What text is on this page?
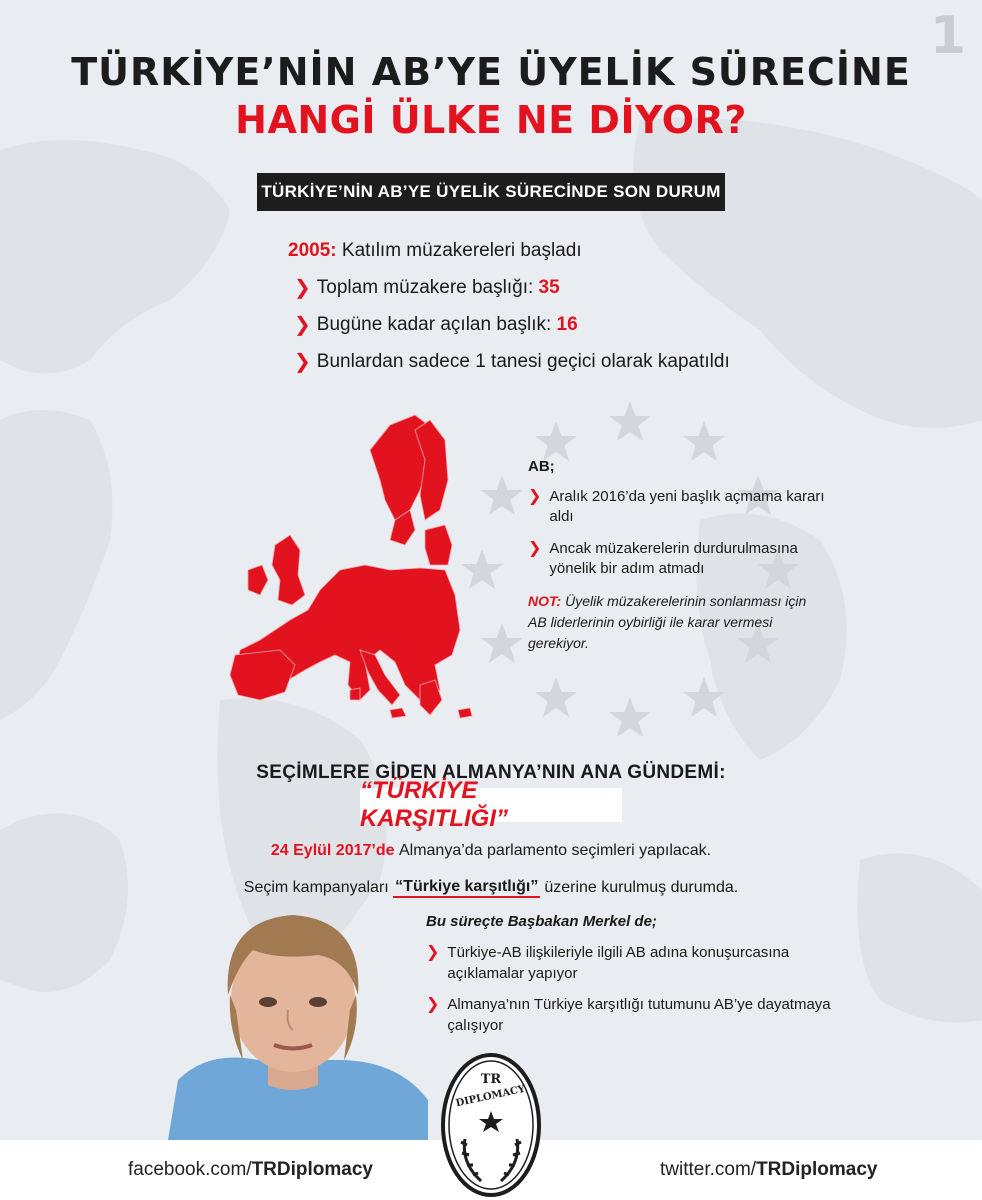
1
TÜRKİYE’NİN AB’YE ÜYELİK SÜRECİNE
HANGİ ÜLKE NE DİYOR?
TÜRKİYE’NİN AB’YE ÜYELİK SÜRECİNDE SON DURUM
2005:
Katılım müzakereleri başladı
❯ Toplam müzakere başlığı:
35
❯ Bugüne kadar açılan başlık:
16
❯ Bunlardan sadece 1 tanesi geçici olarak kapatıldı
AB;
❯ Aralık 2016’da yeni başlık açmama kararı aldı
❯ Ancak müzakerelerin durdurulmasına yönelik bir adım atmadı
NOT: Üyelik müzakerelerinin sonlanması için AB liderlerinin oybirliği ile karar vermesi gerekiyor.
SEÇİMLERE GİDEN ALMANYA’NIN ANA GÜNDEMİ:
“TÜRKİYE KARŞITLIĞI”
24 Eylül 2017’de
Almanya’da parlamento seçimleri yapılacak.
Seçim kampanyaları
“Türkiye karşıtlığı” üzerine kurulmuş durumda.
Bu süreçte Başbakan Merkel de;
❯ Türkiye-AB ilişkileriyle ilgili AB adına konuşurcasına açıklamalar yapıyor
❯ Almanya’nın Türkiye karşıtlığı tutumunu AB’ye dayatmaya çalışıyor
facebook.com/TRDiplomacy	twitter.com/TRDiplomacy
TR
DIPLOMACY
